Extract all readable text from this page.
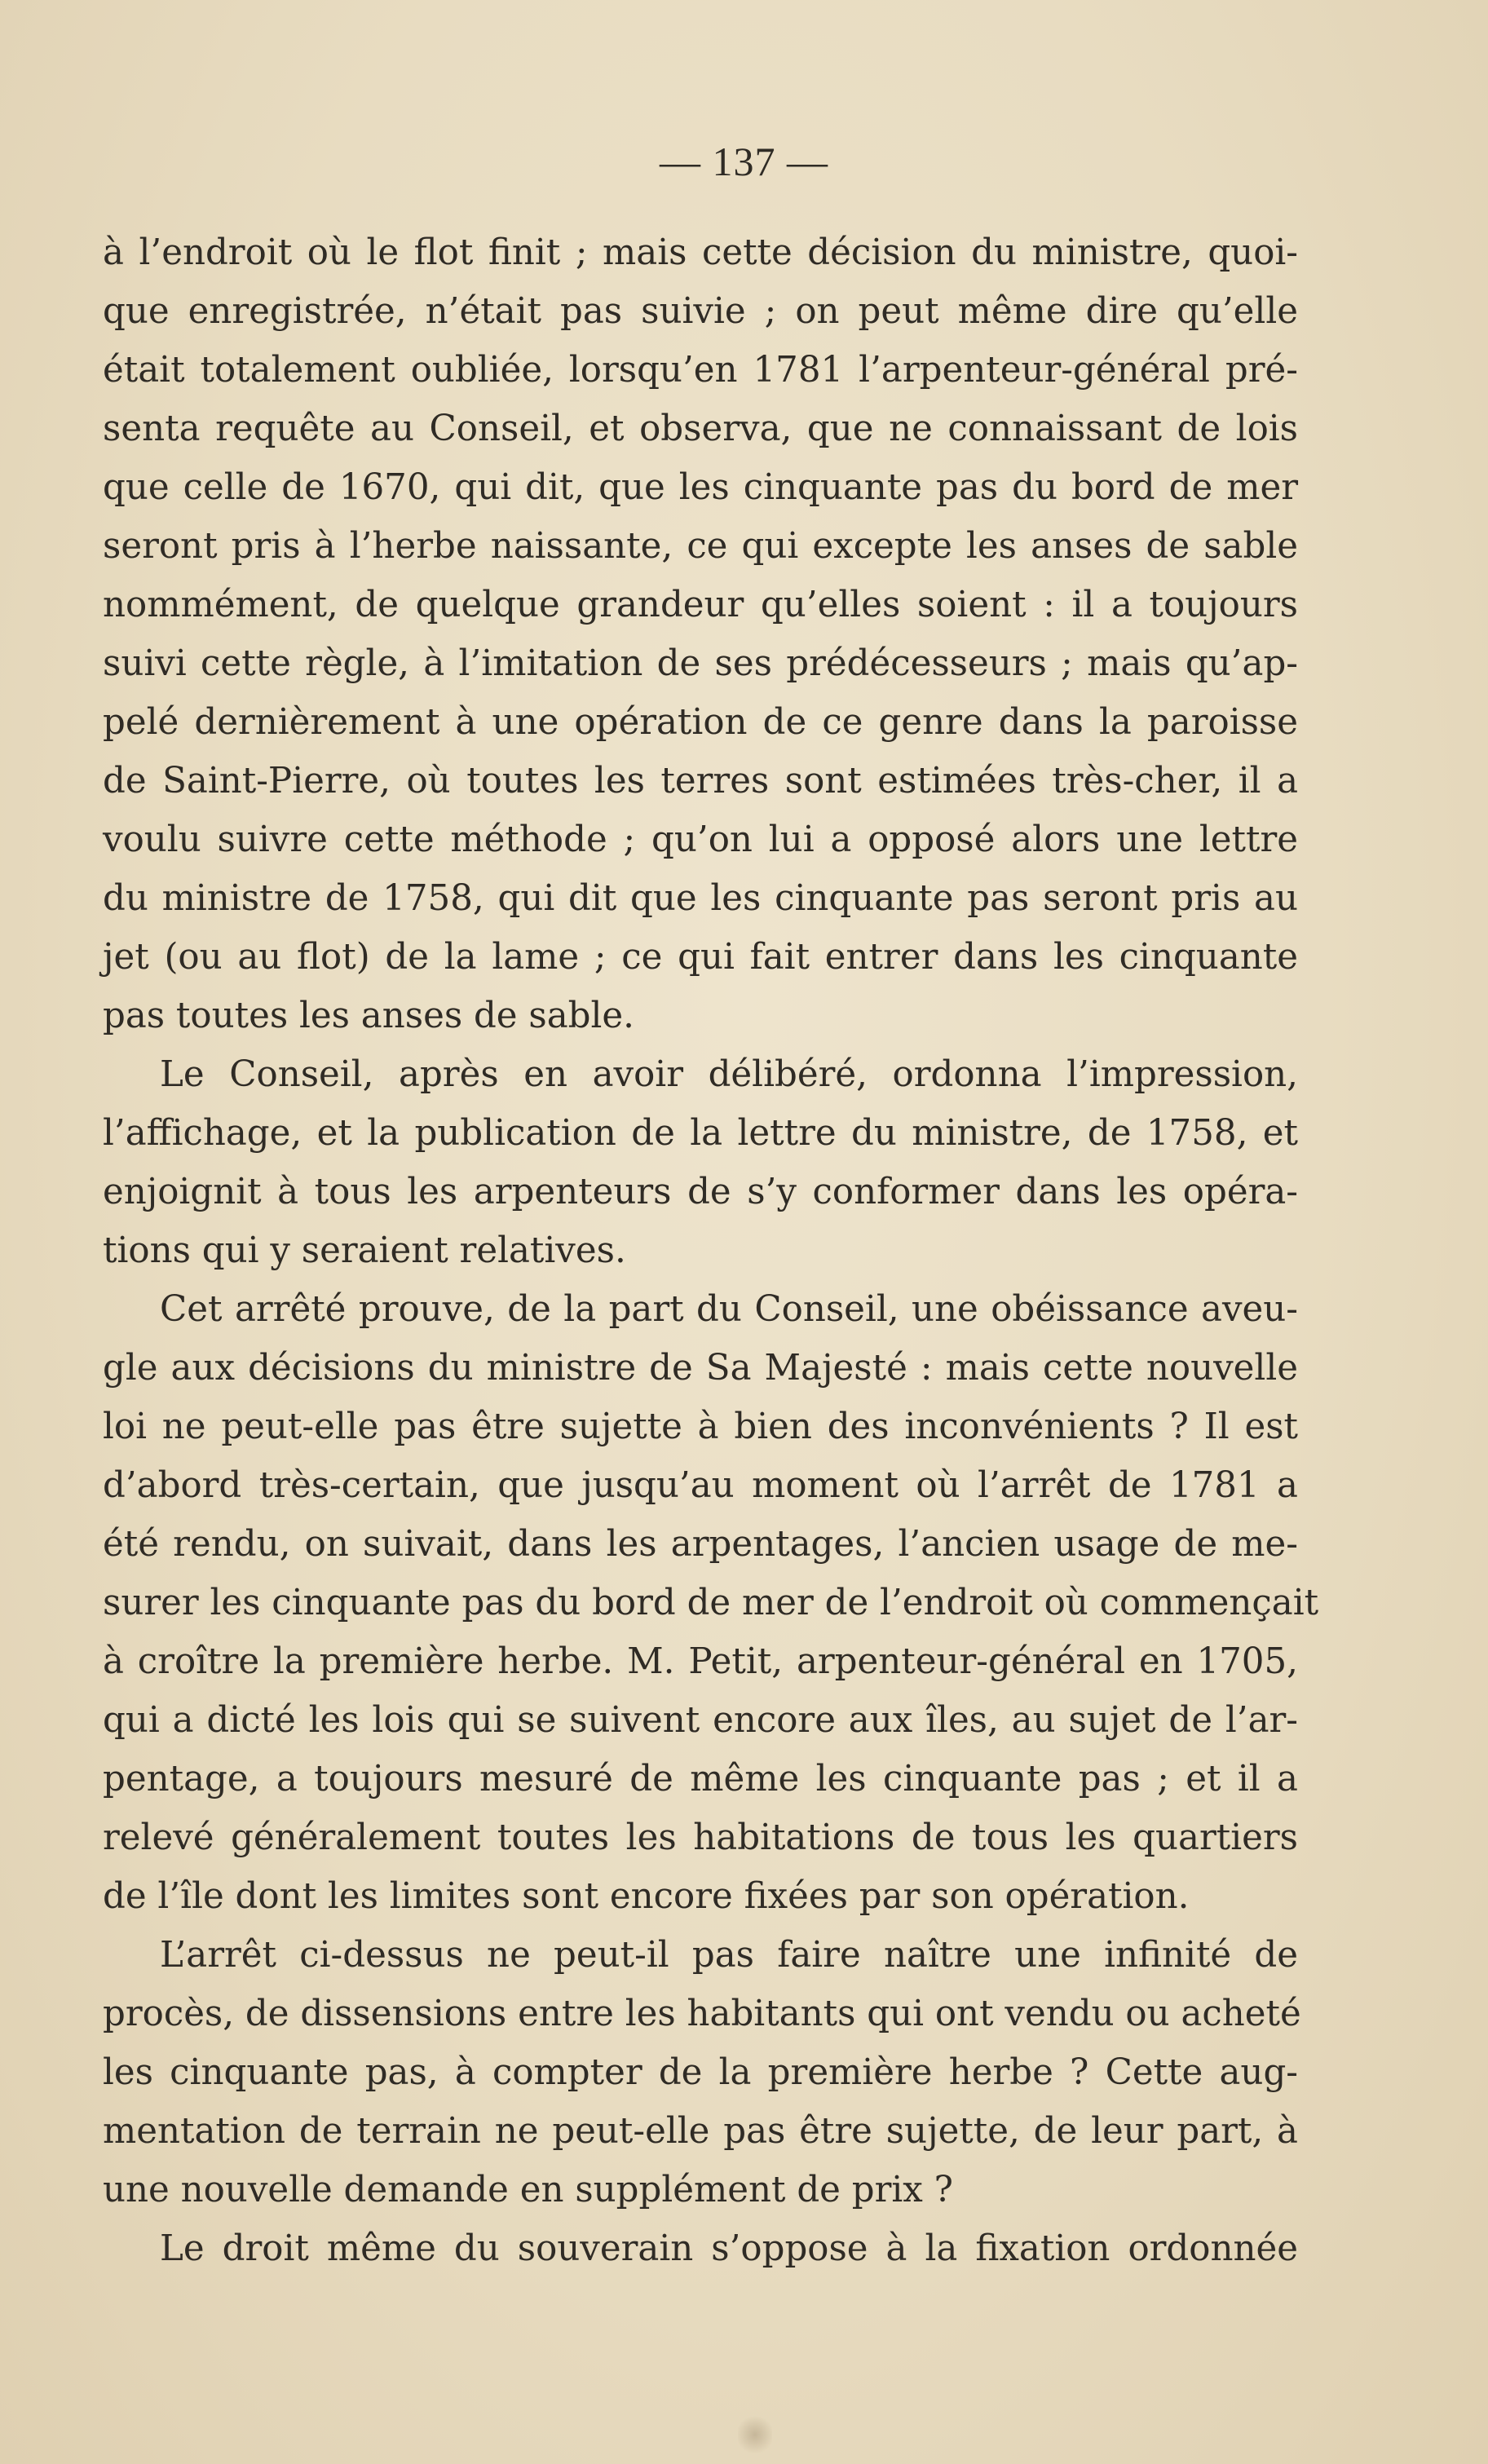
— 137 —
à l’endroit où le flot finit ; mais cette décision du ministre, quoi-
que enregistrée, n’était pas suivie ; on peut même dire qu’elle
était totalement oubliée, lorsqu’en 1781 l’arpenteur-général pré-
senta requête au Conseil, et observa, que ne connaissant de lois
que celle de 1670, qui dit, que les cinquante pas du bord de mer
seront pris à l’herbe naissante, ce qui excepte les anses de sable
nommément, de quelque grandeur qu’elles soient : il a toujours
suivi cette règle, à l’imitation de ses prédécesseurs ; mais qu’ap-
pelé dernièrement à une opération de ce genre dans la paroisse
de Saint-Pierre, où toutes les terres sont estimées très-cher, il a
voulu suivre cette méthode ; qu’on lui a opposé alors une lettre
du ministre de 1758, qui dit que les cinquante pas seront pris au
jet (ou au flot) de la lame ; ce qui fait entrer dans les cinquante
pas toutes les anses de sable.
Le Conseil, après en avoir délibéré, ordonna l’impression,
l’affichage, et la publication de la lettre du ministre, de 1758, et
enjoignit à tous les arpenteurs de s’y conformer dans les opéra-
tions qui y seraient relatives.
Cet arrêté prouve, de la part du Conseil, une obéissance aveu-
gle aux décisions du ministre de Sa Majesté : mais cette nouvelle
loi ne peut-elle pas être sujette à bien des inconvénients ? Il est
d’abord très-certain, que jusqu’au moment où l’arrêt de 1781 a
été rendu, on suivait, dans les arpentages, l’ancien usage de me-
surer les cinquante pas du bord de mer de l’endroit où commençait
à croître la première herbe. M. Petit, arpenteur-général en 1705,
qui a dicté les lois qui se suivent encore aux îles, au sujet de l’ar-
pentage, a toujours mesuré de même les cinquante pas ; et il a
relevé généralement toutes les habitations de tous les quartiers
de l’île dont les limites sont encore fixées par son opération.
L’arrêt ci-dessus ne peut-il pas faire naître une infinité de
procès, de dissensions entre les habitants qui ont vendu ou acheté
les cinquante pas, à compter de la première herbe ? Cette aug-
mentation de terrain ne peut-elle pas être sujette, de leur part, à
une nouvelle demande en supplément de prix ?
Le droit même du souverain s’oppose à la fixation ordonnée
